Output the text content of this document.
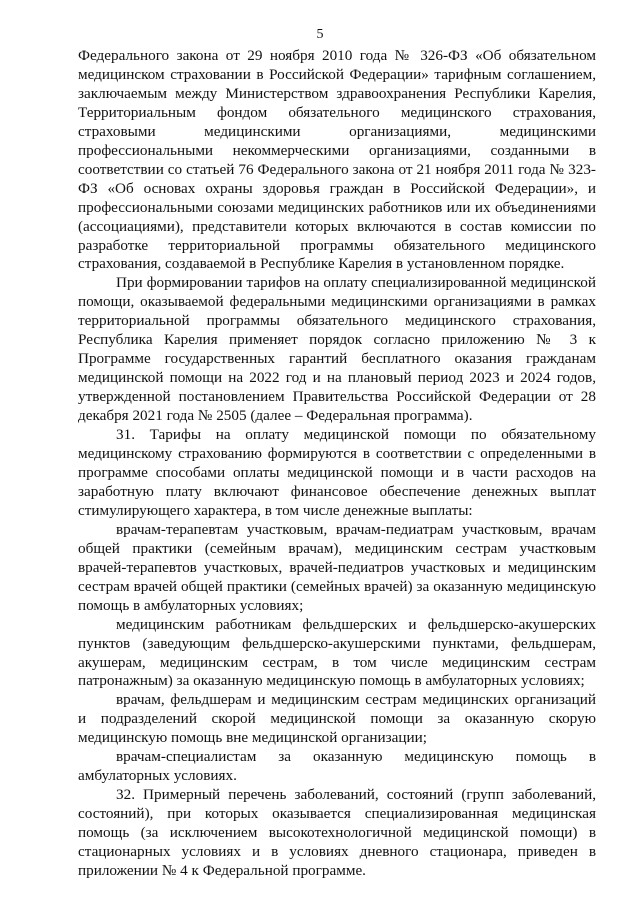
5

Федерального закона от 29 ноября 2010 года № 326-ФЗ «Об обязательном медицинском страховании в Российской Федерации» тарифным соглашением, заключаемым между Министерством здравоохранения Республики Карелия, Территориальным фондом обязательного медицинского страхования, страховыми медицинскими организациями, медицинскими профессиональными некоммерческими организациями, созданными в соответствии со статьей 76 Федерального закона от 21 ноября 2011 года № 323-ФЗ «Об основах охраны здоровья граждан в Российской Федерации», и профессиональными союзами медицинских работников или их объединениями (ассоциациями), представители которых включаются в состав комиссии по разработке территориальной программы обязательного медицинского страхования, создаваемой в Республике Карелия в установленном порядке.

При формировании тарифов на оплату специализированной медицинской помощи, оказываемой федеральными медицинскими организациями в рамках территориальной программы обязательного медицинского страхования, Республика Карелия применяет порядок согласно приложению № 3 к Программе государственных гарантий бесплатного оказания гражданам медицинской помощи на 2022 год и на плановый период 2023 и 2024 годов, утвержденной постановлением Правительства Российской Федерации от 28 декабря 2021 года № 2505 (далее – Федеральная программа).

31. Тарифы на оплату медицинской помощи по обязательному медицинскому страхованию формируются в соответствии с определенными в программе способами оплаты медицинской помощи и в части расходов на заработную плату включают финансовое обеспечение денежных выплат стимулирующего характера, в том числе денежные выплаты:

врачам-терапевтам участковым, врачам-педиатрам участковым, врачам общей практики (семейным врачам), медицинским сестрам участковым врачей-терапевтов участковых, врачей-педиатров участковых и медицинским сестрам врачей общей практики (семейных врачей) за оказанную медицинскую помощь в амбулаторных условиях;

медицинским работникам фельдшерских и фельдшерско-акушерских пунктов (заведующим фельдшерско-акушерскими пунктами, фельдшерам, акушерам, медицинским сестрам, в том числе медицинским сестрам патронажным) за оказанную медицинскую помощь в амбулаторных условиях;

врачам, фельдшерам и медицинским сестрам медицинских организаций и подразделений скорой медицинской помощи за оказанную скорую медицинскую помощь вне медицинской организации;

врачам-специалистам за оказанную медицинскую помощь в амбулаторных условиях.

32. Примерный перечень заболеваний, состояний (групп заболеваний, состояний), при которых оказывается специализированная медицинская помощь (за исключением высокотехнологичной медицинской помощи) в стационарных условиях и в условиях дневного стационара, приведен в приложении № 4 к Федеральной программе.
